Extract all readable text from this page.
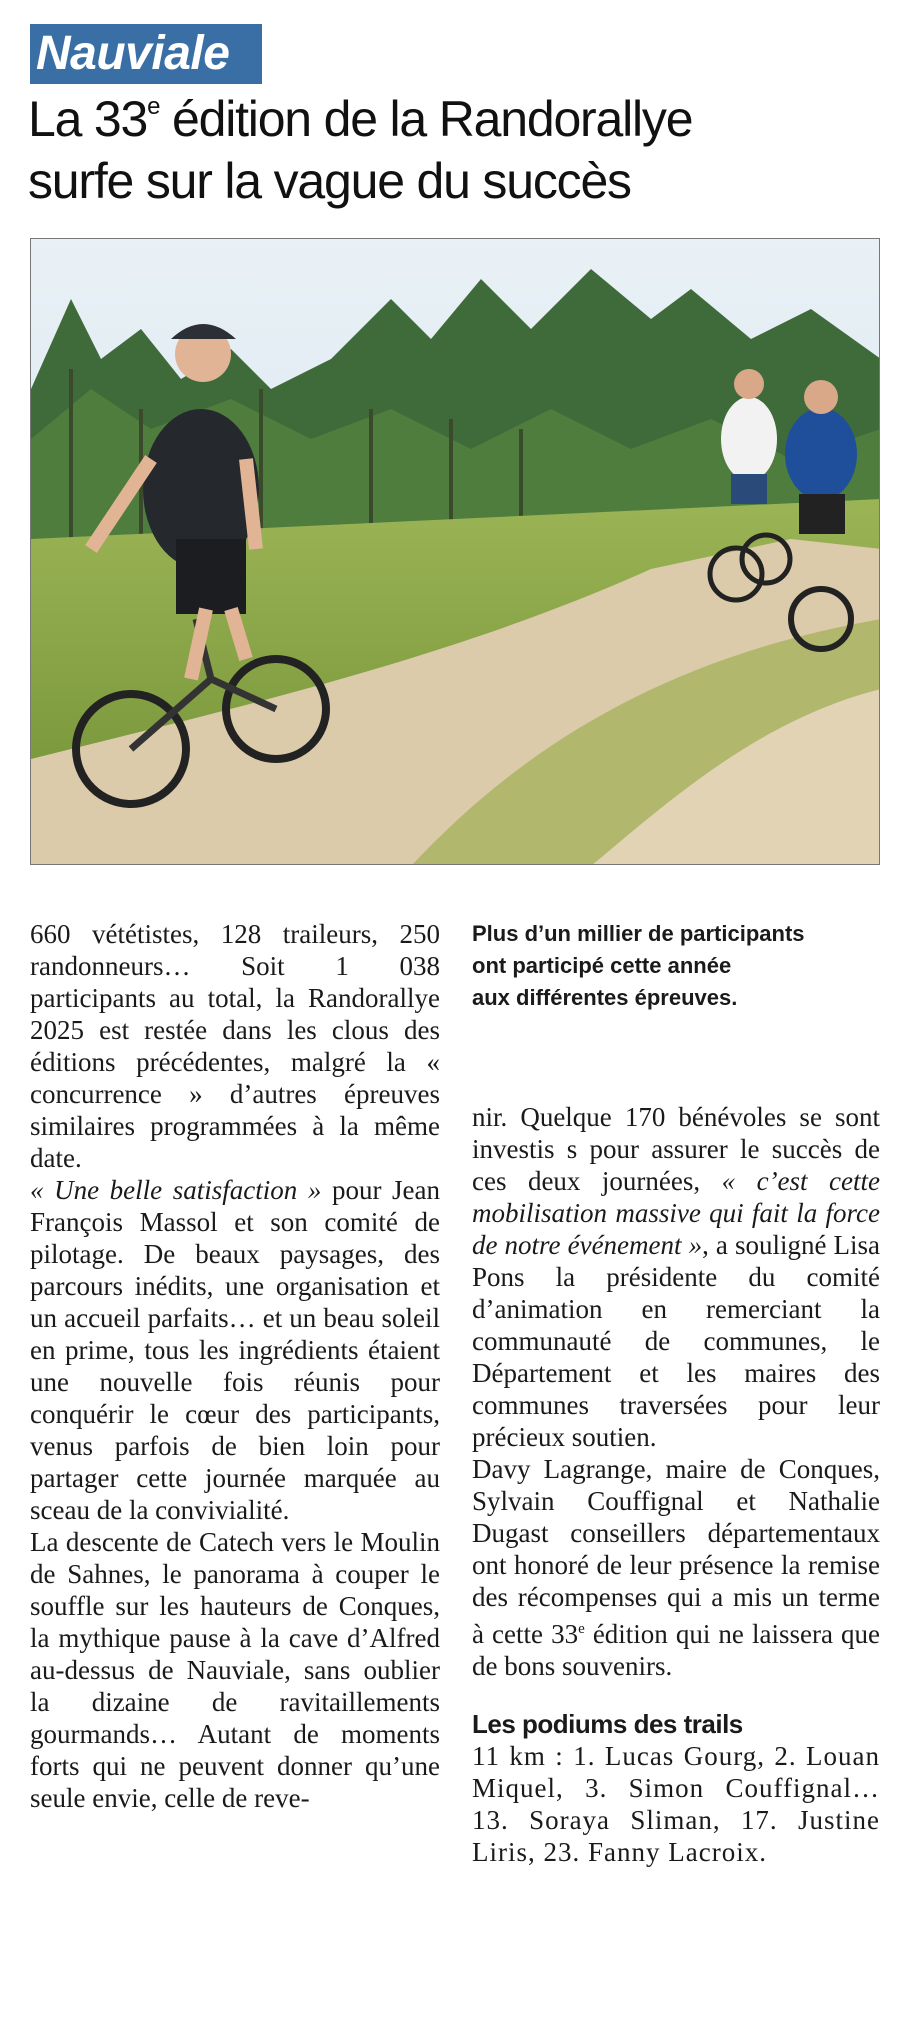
Nauviale
La 33e édition de la Randorallye
surfe sur la vague du succès

660 vététistes, 128 traileurs, 250 randonneurs… Soit 1 038 participants au total, la Randorallye 2025 est restée dans les clous des éditions précédentes, malgré la « concurrence » d’autres épreuves similaires programmées à la même date.

« Une belle satisfaction » pour Jean François Massol et son comité de pilotage. De beaux paysages, des parcours inédits, une organisation et un accueil parfaits… et un beau soleil en prime, tous les ingrédients étaient une nouvelle fois réunis pour conquérir le cœur des participants, venus parfois de bien loin pour partager cette journée marquée au sceau de la convivialité.

La descente de Catech vers le Moulin de Sahnes, le panorama à couper le souffle sur les hauteurs de Conques, la mythique pause à la cave d’Alfred au-dessus de Nauviale, sans oublier la dizaine de ravitaillements gourmands… Autant de moments forts qui ne peuvent donner qu’une seule envie, celle de reve-

Plus d’un millier de participants

ont participé cette année

aux différentes épreuves.

nir. Quelque 170 bénévoles se sont investis s pour assurer le succès de ces deux journées, « c’est cette mobilisation massive qui fait la force de notre événement », a souligné Lisa Pons la présidente du comité d’animation en remerciant la communauté de communes, le Département et les maires des communes traversées pour leur précieux soutien.

Davy Lagrange, maire de Conques, Sylvain Couffignal et Nathalie Dugast conseillers départementaux ont honoré de leur présence la remise des récompenses qui a mis un terme à cette 33e édition qui ne laissera que de bons souvenirs.

Les podiums des trails

11 km : 1. Lucas Gourg, 2. Louan Miquel, 3. Simon Couffignal… 13. Soraya Sliman, 17. Justine Liris, 23. Fanny Lacroix.
